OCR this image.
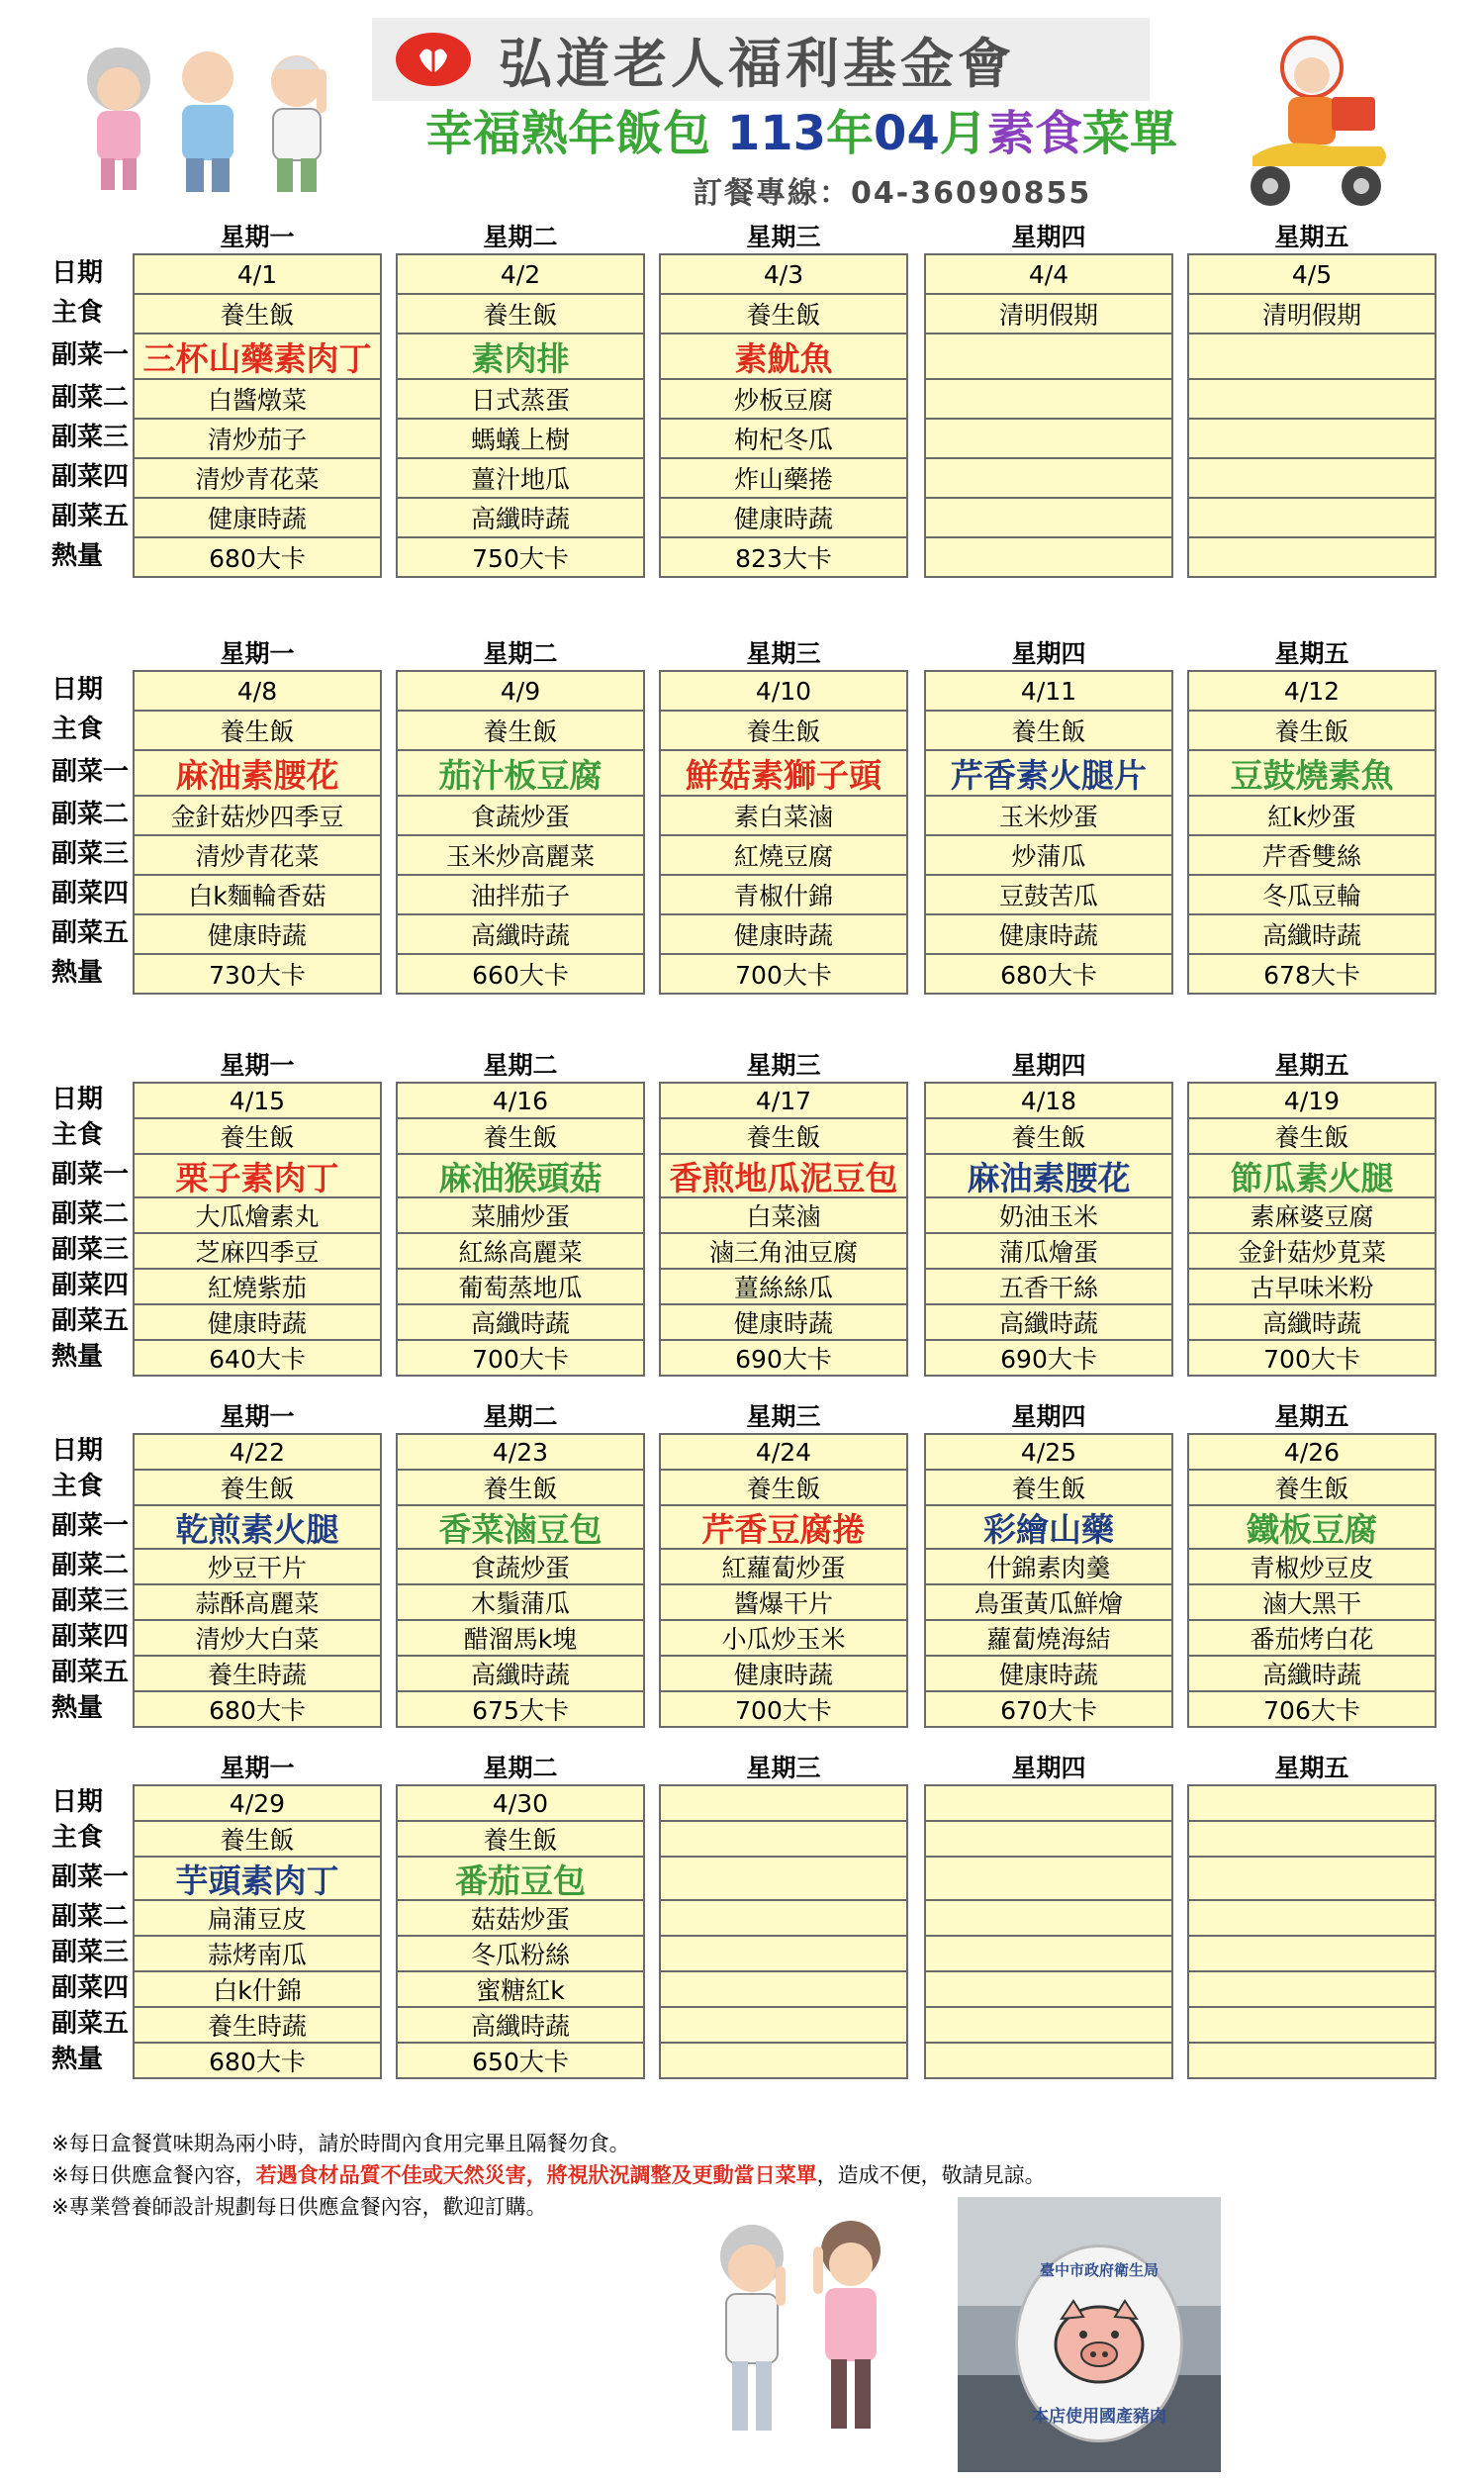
弘道老人福利基金會
幸福熟年飯包 113年04月素食菜單
訂餐專線：04-36090855
日期
主食
副菜一
副菜二
副菜三
副菜四
副菜五
熱量
星期一
4/1
養生飯
三杯山藥素肉丁
白醬燉菜
清炒茄子
清炒青花菜
健康時蔬
680大卡
星期二
4/2
養生飯
素肉排
日式蒸蛋
螞蟻上樹
薑汁地瓜
高纖時蔬
750大卡
星期三
4/3
養生飯
素魷魚
炒板豆腐
枸杞冬瓜
炸山藥捲
健康時蔬
823大卡
星期四
4/4
清明假期
星期五
4/5
清明假期
日期
主食
副菜一
副菜二
副菜三
副菜四
副菜五
熱量
星期一
4/8
養生飯
麻油素腰花
金針菇炒四季豆
清炒青花菜
白k麵輪香菇
健康時蔬
730大卡
星期二
4/9
養生飯
茄汁板豆腐
食蔬炒蛋
玉米炒高麗菜
油拌茄子
高纖時蔬
660大卡
星期三
4/10
養生飯
鮮菇素獅子頭
素白菜滷
紅燒豆腐
青椒什錦
健康時蔬
700大卡
星期四
4/11
養生飯
芹香素火腿片
玉米炒蛋
炒蒲瓜
豆鼓苦瓜
健康時蔬
680大卡
星期五
4/12
養生飯
豆鼓燒素魚
紅k炒蛋
芹香雙絲
冬瓜豆輪
高纖時蔬
678大卡
日期
主食
副菜一
副菜二
副菜三
副菜四
副菜五
熱量
星期一
4/15
養生飯
栗子素肉丁
大瓜燴素丸
芝麻四季豆
紅燒紫茄
健康時蔬
640大卡
星期二
4/16
養生飯
麻油猴頭菇
菜脯炒蛋
紅絲高麗菜
葡萄蒸地瓜
高纖時蔬
700大卡
星期三
4/17
養生飯
香煎地瓜泥豆包
白菜滷
滷三角油豆腐
薑絲絲瓜
健康時蔬
690大卡
星期四
4/18
養生飯
麻油素腰花
奶油玉米
蒲瓜燴蛋
五香干絲
高纖時蔬
690大卡
星期五
4/19
養生飯
節瓜素火腿
素麻婆豆腐
金針菇炒莧菜
古早味米粉
高纖時蔬
700大卡
日期
主食
副菜一
副菜二
副菜三
副菜四
副菜五
熱量
星期一
4/22
養生飯
乾煎素火腿
炒豆干片
蒜酥高麗菜
清炒大白菜
養生時蔬
680大卡
星期二
4/23
養生飯
香菜滷豆包
食蔬炒蛋
木鬚蒲瓜
醋溜馬k塊
高纖時蔬
675大卡
星期三
4/24
養生飯
芹香豆腐捲
紅蘿蔔炒蛋
醬爆干片
小瓜炒玉米
健康時蔬
700大卡
星期四
4/25
養生飯
彩繪山藥
什錦素肉羹
鳥蛋黃瓜鮮燴
蘿蔔燒海結
健康時蔬
670大卡
星期五
4/26
養生飯
鐵板豆腐
青椒炒豆皮
滷大黑干
番茄烤白花
高纖時蔬
706大卡
日期
主食
副菜一
副菜二
副菜三
副菜四
副菜五
熱量
星期一
4/29
養生飯
芋頭素肉丁
扁蒲豆皮
蒜烤南瓜
白k什錦
養生時蔬
680大卡
星期二
4/30
養生飯
番茄豆包
菇菇炒蛋
冬瓜粉絲
蜜糖紅k
高纖時蔬
650大卡
星期三	星期四	星期五
※每日盒餐賞味期為兩小時，請於時間內食用完畢且隔餐勿食。
※每日供應盒餐內容，若遇食材品質不佳或天然災害，將視狀況調整及更動當日菜單，造成不便，敬請見諒。
※專業營養師設計規劃每日供應盒餐內容，歡迎訂購。
臺中市政府衛生局
本店使用國產豬肉
